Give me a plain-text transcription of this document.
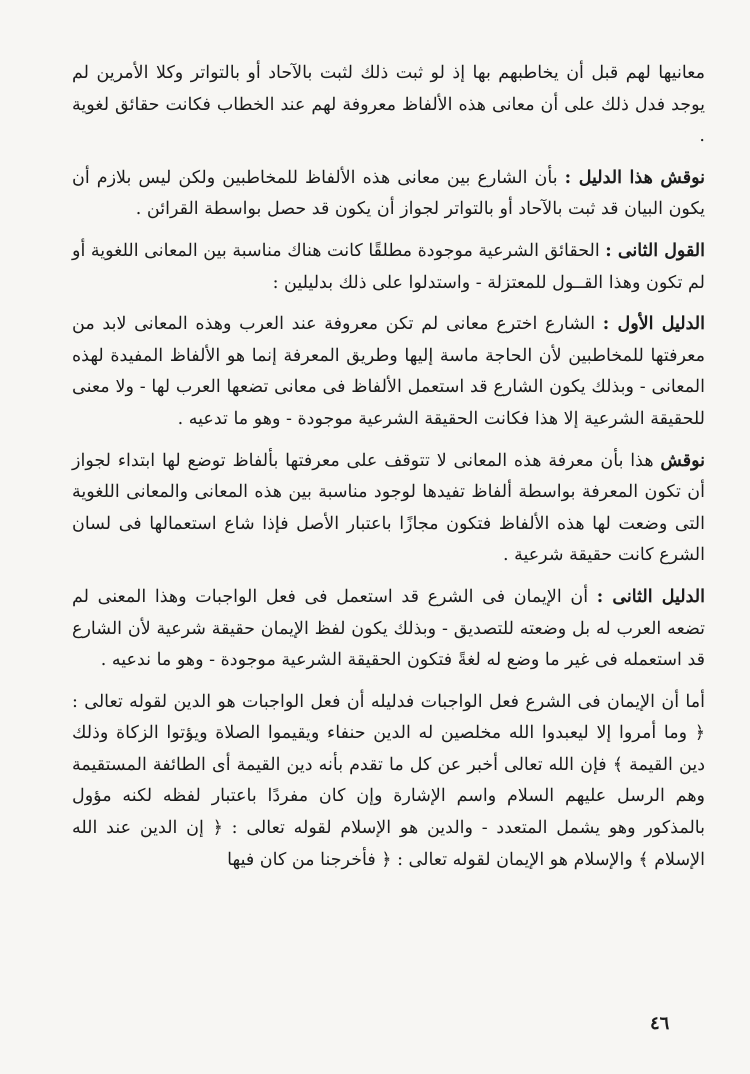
معانيها لهم قبل أن يخاطبهم بها إذ لو ثبت ذلك لثبت بالآحاد أو بالتواتر وكلا الأمرين لم يوجد فدل ذلك على أن معانى هذه الألفاظ معروفة لهم عند الخطاب فكانت حقائق لغوية .

نوقش هذا الدليل : بأن الشارع بين معانى هذه الألفاظ للمخاطبين ولكن ليس بلازم أن يكون البيان قد ثبت بالآحاد أو بالتواتر لجواز أن يكون قد حصل بواسطة القرائن .

القول الثانى : الحقائق الشرعية موجودة مطلقًا كانت هناك مناسبة بين المعانى اللغوية أو لم تكون وهذا القــول للمعتزلة - واستدلوا على ذلك بدليلين :

الدليل الأول : الشارع اخترع معانى لم تكن معروفة عند العرب وهذه المعانى لابد من معرفتها للمخاطبين لأن الحاجة ماسة إليها وطريق المعرفة إنما هو الألفاظ المفيدة لهذه المعانى - وبذلك يكون الشارع قد استعمل الألفاظ فى معانى تضعها العرب لها - ولا معنى للحقيقة الشرعية إلا هذا فكانت الحقيقة الشرعية موجودة - وهو ما تدعيه .

نوقش هذا بأن معرفة هذه المعانى لا تتوقف على معرفتها بألفاظ توضع لها ابتداء لجواز أن تكون المعرفة بواسطة ألفاظ تفيدها لوجود مناسبة بين هذه المعانى والمعانى اللغوية التى وضعت لها هذه الألفاظ فتكون مجازًا باعتبار الأصل فإذا شاع استعمالها فى لسان الشرع كانت حقيقة شرعية .

الدليل الثانى : أن الإيمان فى الشرع قد استعمل فى فعل الواجبات وهذا المعنى لم تضعه العرب له بل وضعته للتصديق - وبذلك يكون لفظ الإيمان حقيقة شرعية لأن الشارع قد استعمله فى غير ما وضع له لغةً فتكون الحقيقة الشرعية موجودة - وهو ما ندعيه .

أما أن الإيمان فى الشرع فعل الواجبات فدليله أن فعل الواجبات هو الدين لقوله تعالى : ﴿ وما أمروا إلا ليعبدوا الله مخلصين له الدين حنفاء ويقيموا الصلاة ويؤتوا الزكاة وذلك دين القيمة ﴾ فإن الله تعالى أخبر عن كل ما تقدم بأنه دين القيمة أى الطائفة المستقيمة وهم الرسل عليهم السلام واسم الإشارة وإن كان مفردًا باعتبار لفظه لكنه مؤول بالمذكور وهو يشمل المتعدد - والدين هو الإسلام لقوله تعالى : ﴿ إن الدين عند الله الإسلام ﴾ والإسلام هو الإيمان لقوله تعالى : ﴿ فأخرجنا من كان فيها

٤٦
